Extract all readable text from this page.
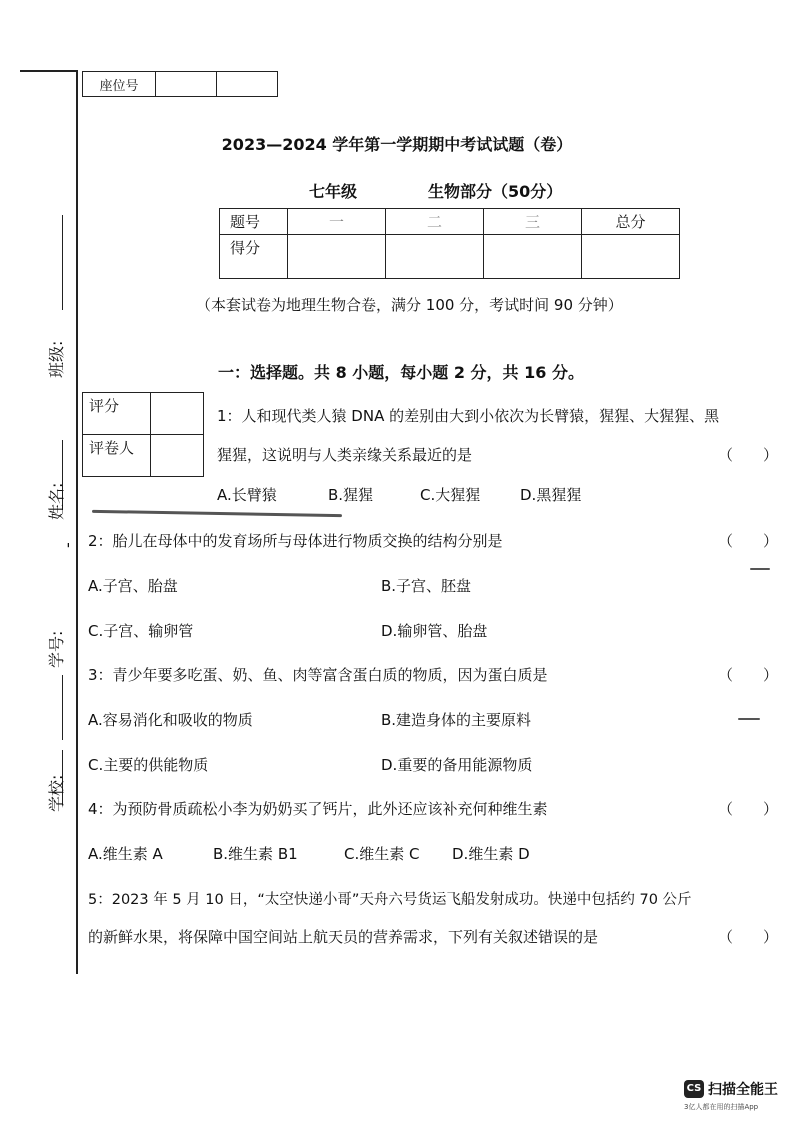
班级:
姓名:
-
学号:
学校:
座位号		
2023—2024 学年第一学期期中考试试题（卷）
七年级	生物部分（50分）
题号	一	二	三	总分
得分				
（本套试卷为地理生物合卷，满分 100 分，考试时间 90 分钟）
一：选择题。共 8 小题，每小题 2 分，共 16 分。
评分	
评卷人	
1：人和现代类人猿 DNA 的差别由大到小依次为长臂猿，猩猩、大猩猩、黑
猩猩，这说明与人类亲缘关系最近的是	（　　）
A.长臂猿	B.猩猩	C.大猩猩	D.黑猩猩
2：胎儿在母体中的发育场所与母体进行物质交换的结构分别是	（　　）
A.子宫、胎盘	B.子宫、胚盘
C.子宫、输卵管	D.输卵管、胎盘
3：青少年要多吃蛋、奶、鱼、肉等富含蛋白质的物质，因为蛋白质是	（　　）
A.容易消化和吸收的物质	B.建造身体的主要原料
C.主要的供能物质	D.重要的备用能源物质
4：为预防骨质疏松小李为奶奶买了钙片，此外还应该补充何种维生素	（　　）
A.维生素 A	B.维生素 B1	C.维生素 C D.维生素 D
5：2023 年 5 月 10 日，“太空快递小哥”天舟六号货运飞船发射成功。快递中包括约 70 公斤
的新鲜水果，将保障中国空间站上航天员的营养需求，下列有关叙述错误的是	（　　）
CS 扫描全能王
3亿人都在用的扫描App
